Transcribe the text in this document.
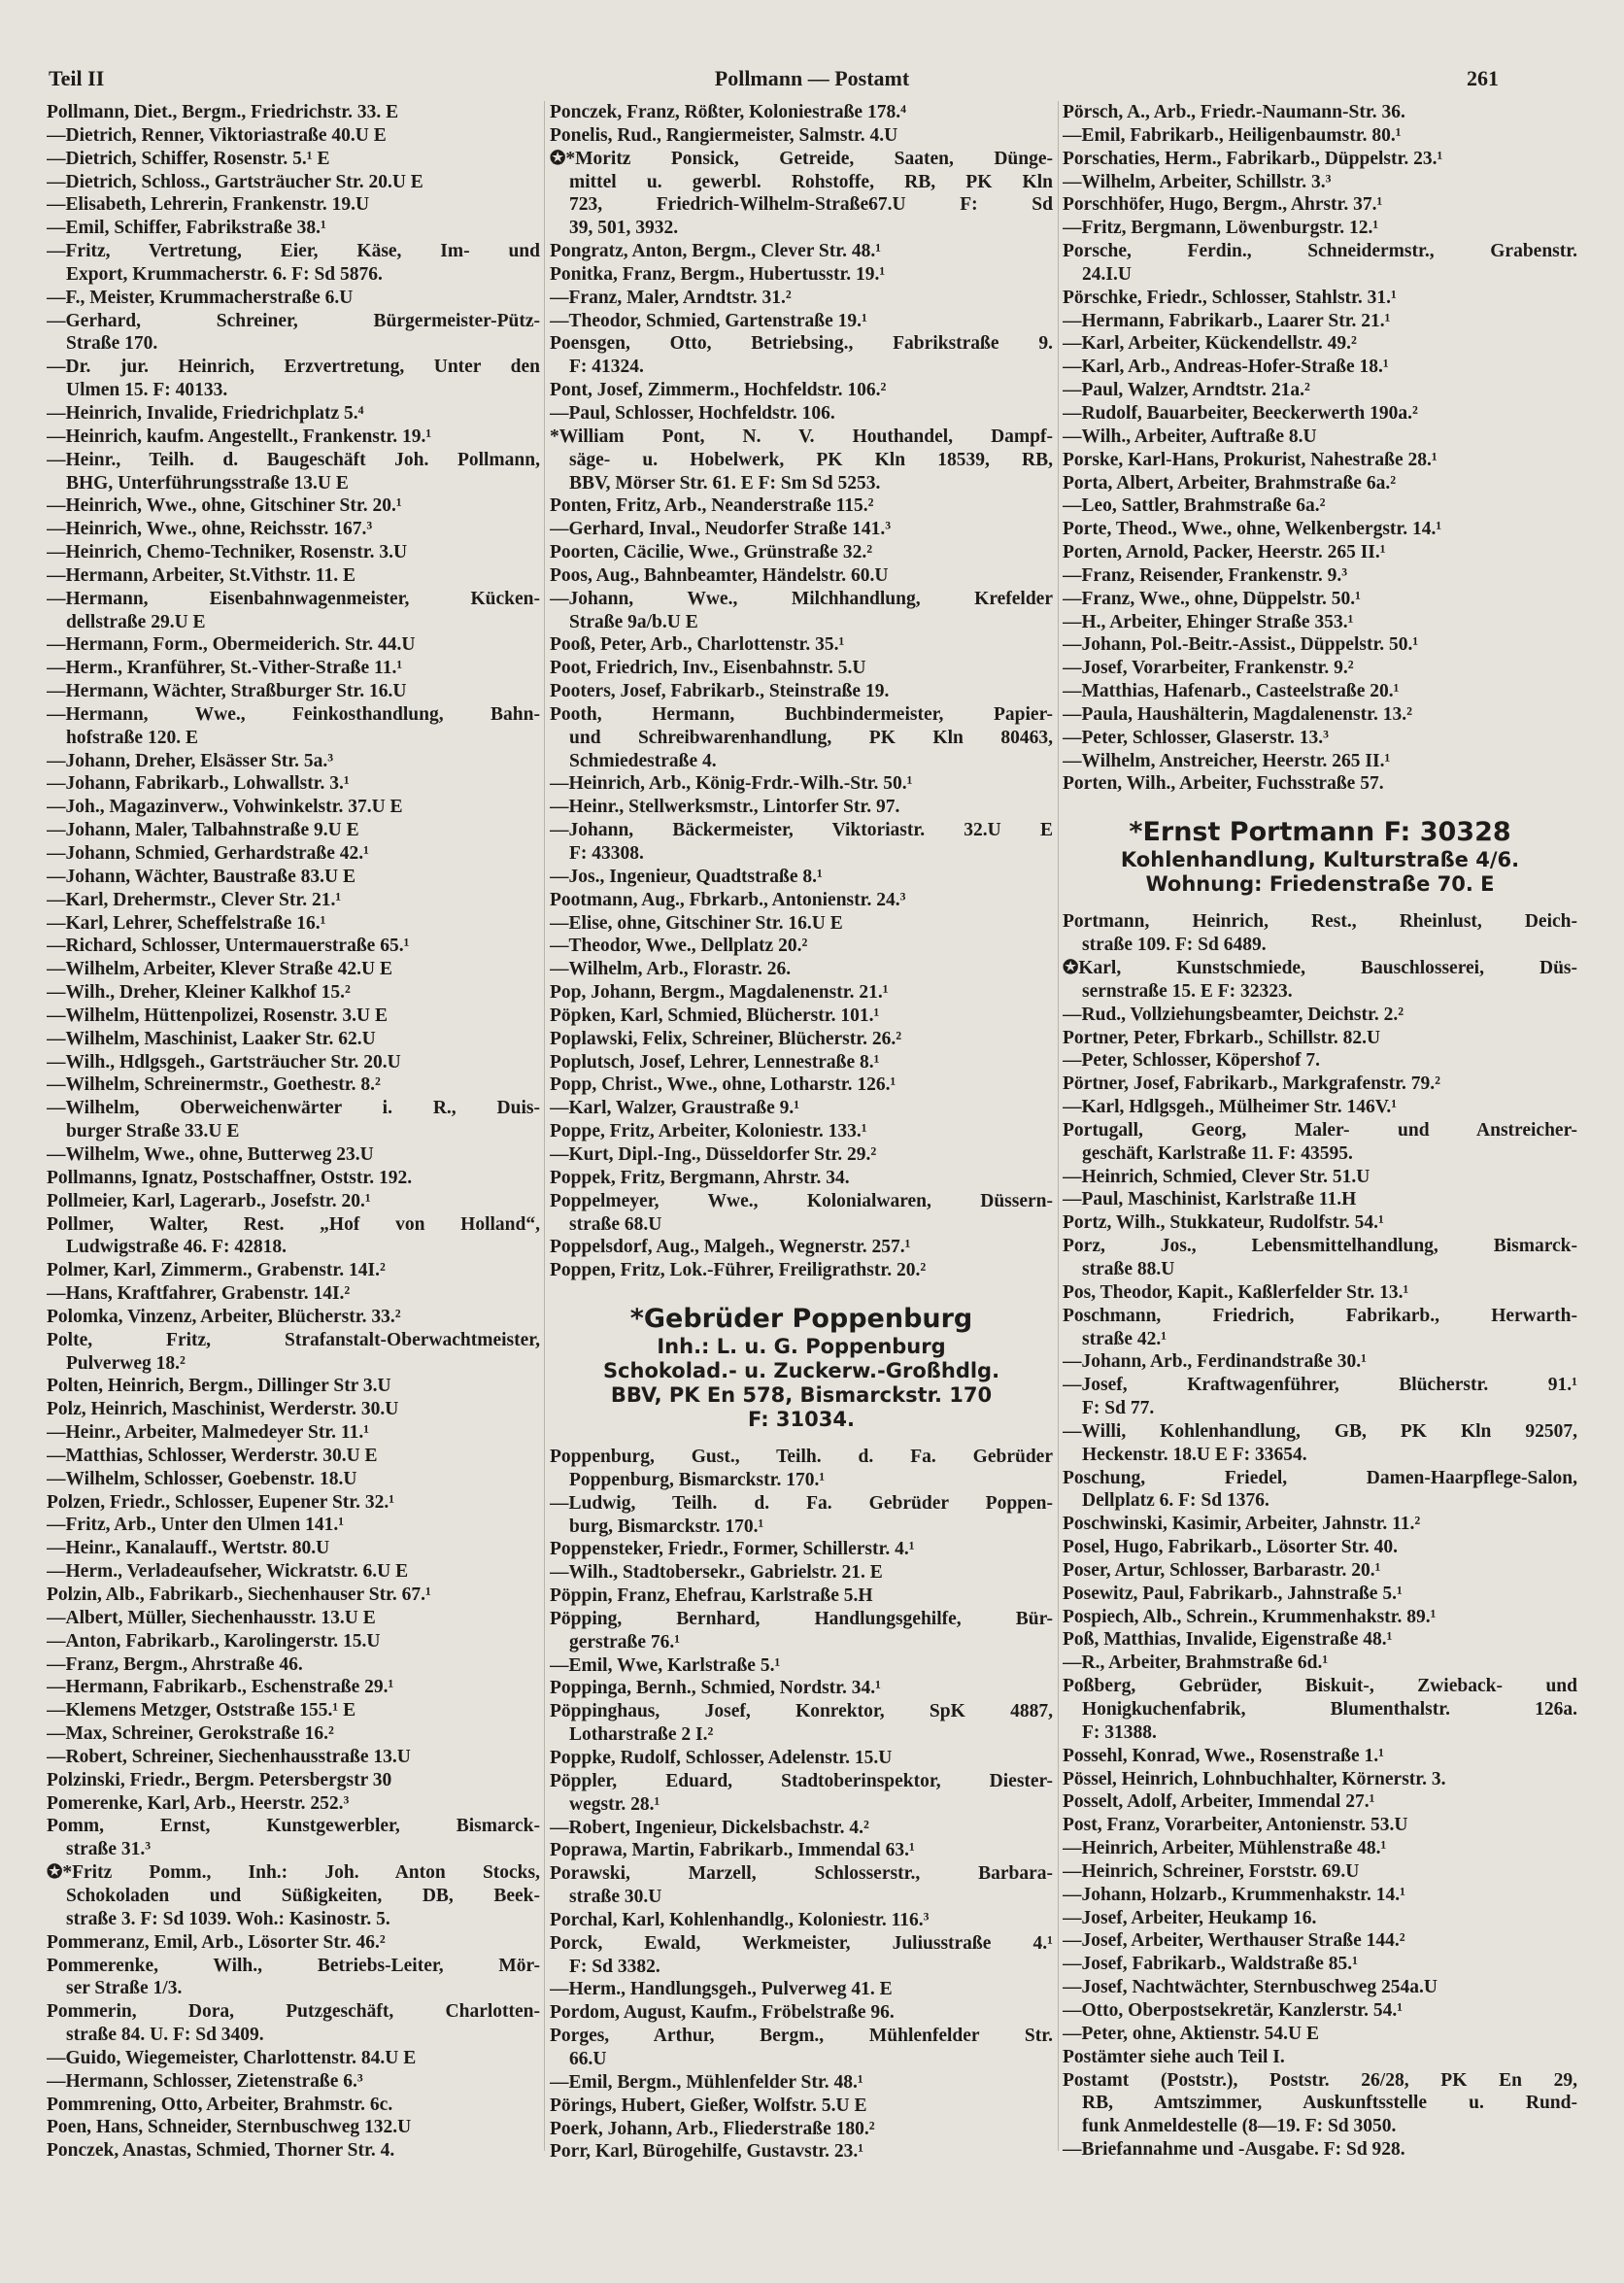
Teil II	Pollmann — Postamt	261
Pollmann, Diet., Bergm., Friedrichstr. 33. E
—Dietrich, Renner, Viktoriastraße 40.U E
—Dietrich, Schiffer, Rosenstr. 5.¹ E
—Dietrich, Schloss., Gartsträucher Str. 20.U E
—Elisabeth, Lehrerin, Frankenstr. 19.U
—Emil, Schiffer, Fabrikstraße 38.¹
—Fritz, Vertretung, Eier, Käse, Im- und
Export, Krummacherstr. 6. F: Sd 5876.
—F., Meister, Krummacherstraße 6.U
—Gerhard, Schreiner, Bürgermeister-Pütz-
Straße 170.
—Dr. jur. Heinrich, Erzvertretung, Unter den
Ulmen 15. F: 40133.
—Heinrich, Invalide, Friedrichplatz 5.⁴
—Heinrich, kaufm. Angestellt., Frankenstr. 19.¹
—Heinr., Teilh. d. Baugeschäft Joh. Pollmann,
BHG, Unterführungsstraße 13.U E
—Heinrich, Wwe., ohne, Gitschiner Str. 20.¹
—Heinrich, Wwe., ohne, Reichsstr. 167.³
—Heinrich, Chemo-Techniker, Rosenstr. 3.U
—Hermann, Arbeiter, St.Vithstr. 11. E
—Hermann, Eisenbahnwagenmeister, Kücken-
dellstraße 29.U E
—Hermann, Form., Obermeiderich. Str. 44.U
—Herm., Kranführer, St.-Vither-Straße 11.¹
—Hermann, Wächter, Straßburger Str. 16.U
—Hermann, Wwe., Feinkosthandlung, Bahn-
hofstraße 120. E
—Johann, Dreher, Elsässer Str. 5a.³
—Johann, Fabrikarb., Lohwallstr. 3.¹
—Joh., Magazinverw., Vohwinkelstr. 37.U E
—Johann, Maler, Talbahnstraße 9.U E
—Johann, Schmied, Gerhardstraße 42.¹
—Johann, Wächter, Baustraße 83.U E
—Karl, Drehermstr., Clever Str. 21.¹
—Karl, Lehrer, Scheffelstraße 16.¹
—Richard, Schlosser, Untermauerstraße 65.¹
—Wilhelm, Arbeiter, Klever Straße 42.U E
—Wilh., Dreher, Kleiner Kalkhof 15.²
—Wilhelm, Hüttenpolizei, Rosenstr. 3.U E
—Wilhelm, Maschinist, Laaker Str. 62.U
—Wilh., Hdlgsgeh., Gartsträucher Str. 20.U
—Wilhelm, Schreinermstr., Goethestr. 8.²
—Wilhelm, Oberweichenwärter i. R., Duis-
burger Straße 33.U E
—Wilhelm, Wwe., ohne, Butterweg 23.U
Pollmanns, Ignatz, Postschaffner, Oststr. 192.
Pollmeier, Karl, Lagerarb., Josefstr. 20.¹
Pollmer, Walter, Rest. „Hof von Holland“,
Ludwigstraße 46. F: 42818.
Polmer, Karl, Zimmerm., Grabenstr. 14I.²
—Hans, Kraftfahrer, Grabenstr. 14I.²
Polomka, Vinzenz, Arbeiter, Blücherstr. 33.²
Polte, Fritz, Strafanstalt-Oberwachtmeister,
Pulverweg 18.²
Polten, Heinrich, Bergm., Dillinger Str 3.U
Polz, Heinrich, Maschinist, Werderstr. 30.U
—Heinr., Arbeiter, Malmedeyer Str. 11.¹
—Matthias, Schlosser, Werderstr. 30.U E
—Wilhelm, Schlosser, Goebenstr. 18.U
Polzen, Friedr., Schlosser, Eupener Str. 32.¹
—Fritz, Arb., Unter den Ulmen 141.¹
—Heinr., Kanalauff., Wertstr. 80.U
—Herm., Verladeaufseher, Wickratstr. 6.U E
Polzin, Alb., Fabrikarb., Siechenhauser Str. 67.¹
—Albert, Müller, Siechenhausstr. 13.U E
—Anton, Fabrikarb., Karolingerstr. 15.U
—Franz, Bergm., Ahrstraße 46.
—Hermann, Fabrikarb., Eschenstraße 29.¹
—Klemens Metzger, Oststraße 155.¹ E
—Max, Schreiner, Gerokstraße 16.²
—Robert, Schreiner, Siechenhausstraße 13.U
Polzinski, Friedr., Bergm. Petersbergstr 30
Pomerenke, Karl, Arb., Heerstr. 252.³
Pomm, Ernst, Kunstgewerbler, Bismarck-
straße 31.³
✪*Fritz Pomm., Inh.: Joh. Anton Stocks,
Schokoladen und Süßigkeiten, DB, Beek-
straße 3. F: Sd 1039. Woh.: Kasinostr. 5.
Pommeranz, Emil, Arb., Lösorter Str. 46.²
Pommerenke, Wilh., Betriebs-Leiter, Mör-
ser Straße 1/3.
Pommerin, Dora, Putzgeschäft, Charlotten-
straße 84. U. F: Sd 3409.
—Guido, Wiegemeister, Charlottenstr. 84.U E
—Hermann, Schlosser, Zietenstraße 6.³
Pommrening, Otto, Arbeiter, Brahmstr. 6c.
Poen, Hans, Schneider, Sternbuschweg 132.U
Ponczek, Anastas, Schmied, Thorner Str. 4.
Ponczek, Franz, Rößter, Koloniestraße 178.⁴
Ponelis, Rud., Rangiermeister, Salmstr. 4.U
✪*Moritz Ponsick, Getreide, Saaten, Dünge-
mittel u. gewerbl. Rohstoffe, RB, PK Kln
723, Friedrich-Wilhelm-Straße67.U F: Sd
39, 501, 3932.
Pongratz, Anton, Bergm., Clever Str. 48.¹
Ponitka, Franz, Bergm., Hubertusstr. 19.¹
—Franz, Maler, Arndtstr. 31.²
—Theodor, Schmied, Gartenstraße 19.¹
Poensgen, Otto, Betriebsing., Fabrikstraße 9.
F: 41324.
Pont, Josef, Zimmerm., Hochfeldstr. 106.²
—Paul, Schlosser, Hochfeldstr. 106.
*William Pont, N. V. Houthandel, Dampf-
säge- u. Hobelwerk, PK Kln 18539, RB,
BBV, Mörser Str. 61. E F: Sm Sd 5253.
Ponten, Fritz, Arb., Neanderstraße 115.²
—Gerhard, Inval., Neudorfer Straße 141.³
Poorten, Cäcilie, Wwe., Grünstraße 32.²
Poos, Aug., Bahnbeamter, Händelstr. 60.U
—Johann, Wwe., Milchhandlung, Krefelder
Straße 9a/b.U E
Pooß, Peter, Arb., Charlottenstr. 35.¹
Poot, Friedrich, Inv., Eisenbahnstr. 5.U
Pooters, Josef, Fabrikarb., Steinstraße 19.
Pooth, Hermann, Buchbindermeister, Papier-
und Schreibwarenhandlung, PK Kln 80463,
Schmiedestraße 4.
—Heinrich, Arb., König-Frdr.-Wilh.-Str. 50.¹
—Heinr., Stellwerksmstr., Lintorfer Str. 97.
—Johann, Bäckermeister, Viktoriastr. 32.U E
F: 43308.
—Jos., Ingenieur, Quadtstraße 8.¹
Pootmann, Aug., Fbrkarb., Antonienstr. 24.³
—Elise, ohne, Gitschiner Str. 16.U E
—Theodor, Wwe., Dellplatz 20.²
—Wilhelm, Arb., Florastr. 26.
Pop, Johann, Bergm., Magdalenenstr. 21.¹
Pöpken, Karl, Schmied, Blücherstr. 101.¹
Poplawski, Felix, Schreiner, Blücherstr. 26.²
Poplutsch, Josef, Lehrer, Lennestraße 8.¹
Popp, Christ., Wwe., ohne, Lotharstr. 126.¹
—Karl, Walzer, Graustraße 9.¹
Poppe, Fritz, Arbeiter, Koloniestr. 133.¹
—Kurt, Dipl.-Ing., Düsseldorfer Str. 29.²
Poppek, Fritz, Bergmann, Ahrstr. 34.
Poppelmeyer, Wwe., Kolonialwaren, Düssern-
straße 68.U
Poppelsdorf, Aug., Malgeh., Wegnerstr. 257.¹
Poppen, Fritz, Lok.-Führer, Freiligrathstr. 20.²
*Gebrüder Poppenburg
Inh.: L. u. G. Poppenburg
Schokolad.- u. Zuckerw.-Großhdlg.
BBV, PK En 578, Bismarckstr. 170
F: 31034.
Poppenburg, Gust., Teilh. d. Fa. Gebrüder
Poppenburg, Bismarckstr. 170.¹
—Ludwig, Teilh. d. Fa. Gebrüder Poppen-
burg, Bismarckstr. 170.¹
Poppensteker, Friedr., Former, Schillerstr. 4.¹
—Wilh., Stadtobersekr., Gabrielstr. 21. E
Pöppin, Franz, Ehefrau, Karlstraße 5.H
Pöpping, Bernhard, Handlungsgehilfe, Bür-
gerstraße 76.¹
—Emil, Wwe, Karlstraße 5.¹
Poppinga, Bernh., Schmied, Nordstr. 34.¹
Pöppinghaus, Josef, Konrektor, SpK 4887,
Lotharstraße 2 I.²
Poppke, Rudolf, Schlosser, Adelenstr. 15.U
Pöppler, Eduard, Stadtoberinspektor, Diester-
wegstr. 28.¹
—Robert, Ingenieur, Dickelsbachstr. 4.²
Poprawa, Martin, Fabrikarb., Immendal 63.¹
Porawski, Marzell, Schlosserstr., Barbara-
straße 30.U
Porchal, Karl, Kohlenhandlg., Koloniestr. 116.³
Porck, Ewald, Werkmeister, Juliusstraße 4.¹
F: Sd 3382.
—Herm., Handlungsgeh., Pulverweg 41. E
Pordom, August, Kaufm., Fröbelstraße 96.
Porges, Arthur, Bergm., Mühlenfelder Str.
66.U
—Emil, Bergm., Mühlenfelder Str. 48.¹
Pörings, Hubert, Gießer, Wolfstr. 5.U E
Poerk, Johann, Arb., Fliederstraße 180.²
Porr, Karl, Bürogehilfe, Gustavstr. 23.¹
Pörsch, A., Arb., Friedr.-Naumann-Str. 36.
—Emil, Fabrikarb., Heiligenbaumstr. 80.¹
Porschaties, Herm., Fabrikarb., Düppelstr. 23.¹
—Wilhelm, Arbeiter, Schillstr. 3.³
Porschhöfer, Hugo, Bergm., Ahrstr. 37.¹
—Fritz, Bergmann, Löwenburgstr. 12.¹
Porsche, Ferdin., Schneidermstr., Grabenstr.
24.I.U
Pörschke, Friedr., Schlosser, Stahlstr. 31.¹
—Hermann, Fabrikarb., Laarer Str. 21.¹
—Karl, Arbeiter, Kückendellstr. 49.²
—Karl, Arb., Andreas-Hofer-Straße 18.¹
—Paul, Walzer, Arndtstr. 21a.²
—Rudolf, Bauarbeiter, Beeckerwerth 190a.²
—Wilh., Arbeiter, Auftraße 8.U
Porske, Karl-Hans, Prokurist, Nahestraße 28.¹
Porta, Albert, Arbeiter, Brahmstraße 6a.²
—Leo, Sattler, Brahmstraße 6a.²
Porte, Theod., Wwe., ohne, Welkenbergstr. 14.¹
Porten, Arnold, Packer, Heerstr. 265 II.¹
—Franz, Reisender, Frankenstr. 9.³
—Franz, Wwe., ohne, Düppelstr. 50.¹
—H., Arbeiter, Ehinger Straße 353.¹
—Johann, Pol.-Beitr.-Assist., Düppelstr. 50.¹
—Josef, Vorarbeiter, Frankenstr. 9.²
—Matthias, Hafenarb., Casteelstraße 20.¹
—Paula, Haushälterin, Magdalenenstr. 13.²
—Peter, Schlosser, Glaserstr. 13.³
—Wilhelm, Anstreicher, Heerstr. 265 II.¹
Porten, Wilh., Arbeiter, Fuchsstraße 57.
*Ernst Portmann F: 30328
Kohlenhandlung, Kulturstraße 4/6.
Wohnung: Friedenstraße 70. E
Portmann, Heinrich, Rest., Rheinlust, Deich-
straße 109. F: Sd 6489.
✪Karl, Kunstschmiede, Bauschlosserei, Düs-
sernstraße 15. E F: 32323.
—Rud., Vollziehungsbeamter, Deichstr. 2.²
Portner, Peter, Fbrkarb., Schillstr. 82.U
—Peter, Schlosser, Köpershof 7.
Pörtner, Josef, Fabrikarb., Markgrafenstr. 79.²
—Karl, Hdlgsgeh., Mülheimer Str. 146V.¹
Portugall, Georg, Maler- und Anstreicher-
geschäft, Karlstraße 11. F: 43595.
—Heinrich, Schmied, Clever Str. 51.U
—Paul, Maschinist, Karlstraße 11.H
Portz, Wilh., Stukkateur, Rudolfstr. 54.¹
Porz, Jos., Lebensmittelhandlung, Bismarck-
straße 88.U
Pos, Theodor, Kapit., Kaßlerfelder Str. 13.¹
Poschmann, Friedrich, Fabrikarb., Herwarth-
straße 42.¹
—Johann, Arb., Ferdinandstraße 30.¹
—Josef, Kraftwagenführer, Blücherstr. 91.¹
F: Sd 77.
—Willi, Kohlenhandlung, GB, PK Kln 92507,
Heckenstr. 18.U E F: 33654.
Poschung, Friedel, Damen-Haarpflege-Salon,
Dellplatz 6. F: Sd 1376.
Poschwinski, Kasimir, Arbeiter, Jahnstr. 11.²
Posel, Hugo, Fabrikarb., Lösorter Str. 40.
Poser, Artur, Schlosser, Barbarastr. 20.¹
Posewitz, Paul, Fabrikarb., Jahnstraße 5.¹
Pospiech, Alb., Schrein., Krummenhakstr. 89.¹
Poß, Matthias, Invalide, Eigenstraße 48.¹
—R., Arbeiter, Brahmstraße 6d.¹
Poßberg, Gebrüder, Biskuit-, Zwieback- und
Honigkuchenfabrik, Blumenthalstr. 126a.
F: 31388.
Possehl, Konrad, Wwe., Rosenstraße 1.¹
Pössel, Heinrich, Lohnbuchhalter, Körnerstr. 3.
Posselt, Adolf, Arbeiter, Immendal 27.¹
Post, Franz, Vorarbeiter, Antonienstr. 53.U
—Heinrich, Arbeiter, Mühlenstraße 48.¹
—Heinrich, Schreiner, Forststr. 69.U
—Johann, Holzarb., Krummenhakstr. 14.¹
—Josef, Arbeiter, Heukamp 16.
—Josef, Arbeiter, Werthauser Straße 144.²
—Josef, Fabrikarb., Waldstraße 85.¹
—Josef, Nachtwächter, Sternbuschweg 254a.U
—Otto, Oberpostsekretär, Kanzlerstr. 54.¹
—Peter, ohne, Aktienstr. 54.U E
Postämter siehe auch Teil I.
Postamt (Poststr.), Poststr. 26/28, PK En 29,
RB, Amtszimmer, Auskunftsstelle u. Rund-
funk Anmeldestelle (8—19. F: Sd 3050.
—Briefannahme und -Ausgabe. F: Sd 928.
